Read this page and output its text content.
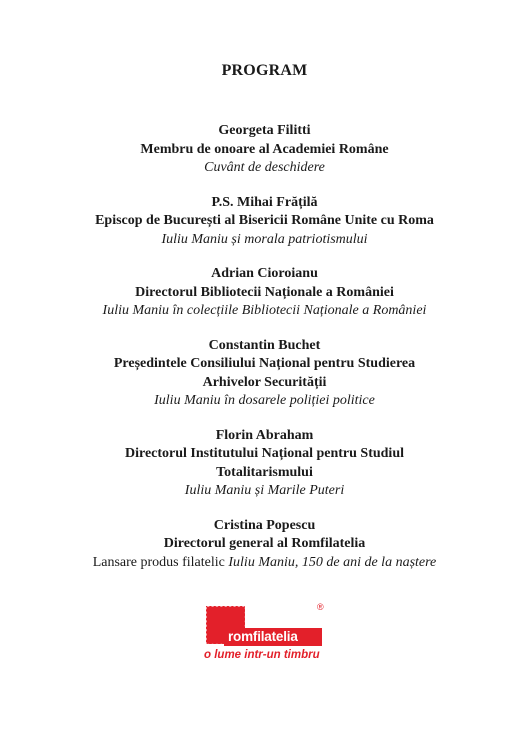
PROGRAM
Georgeta Filitti
Membru de onoare al Academiei Române
Cuvânt de deschidere
P.S. Mihai Frățilă
Episcop de București al Bisericii Române Unite cu Roma
Iuliu Maniu și morala patriotismului
Adrian Cioroianu
Directorul Bibliotecii Naționale a României
Iuliu Maniu în colecțiile Bibliotecii Naționale a României
Constantin Buchet
Președintele Consiliului Național pentru Studierea
Arhivelor Securității
Iuliu Maniu în dosarele poliției politice
Florin Abraham
Directorul Institutului Național pentru Studiul
Totalitarismului
Iuliu Maniu și Marile Puteri
Cristina Popescu
Directorul general al Romfilatelia
Lansare produs filatelic Iuliu Maniu, 150 de ani de la naștere
romfilatelia
®
o lume intr-un timbru
